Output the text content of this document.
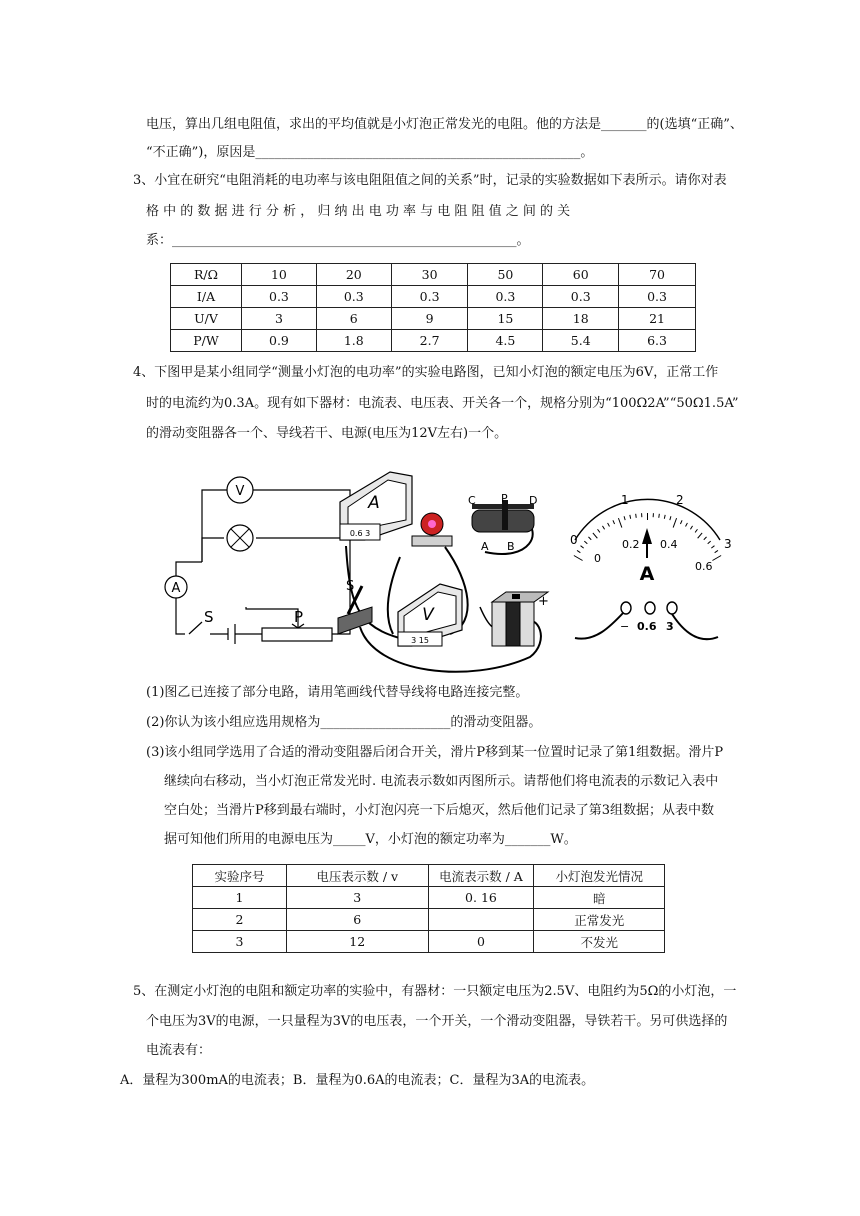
电压，算出几组电阻值，求出的平均值就是小灯泡正常发光的电阻。他的方法是_______的(选填“正确”、
“不正确”)，原因是__________________________________________________。
3、小宜在研究“电阻消耗的电功率与该电阻阻值之间的关系”时，记录的实验数据如下表所示。请你对表
格 中 的 数 据 进 行 分 析 ， 归 纳 出 电 功 率 与 电 阻 阻 值 之 间 的 关
系：_____________________________________________________。
R/Ω	10	20	30	50	60	70
I/A	0.3	0.3	0.3	0.3	0.3	0.3
U/V	3	6	9	15	18	21
P/W	0.9	1.8	2.7	4.5	5.4	6.3
4、下图甲是某小组同学“测量小灯泡的电功率”的实验电路图，已知小灯泡的额定电压为6V，正常工作
时的电流约为0.3A。现有如下器材：电流表、电压表、开关各一个，规格分别为“100Ω2A”“50Ω1.5A”
的滑动变阻器各一个、导线若干、电源(电压为12V左右)一个。
V
A
S	P
A
0.6 3
C P D
A B
S
V
3 15
+
0
1	2
3
0
0.2 0.4
0.6
A
− 0.6 3
(1)图乙已连接了部分电路，请用笔画线代替导线将电路连接完整。
(2)你认为该小组应选用规格为____________________的滑动变阻器。
(3)该小组同学选用了合适的滑动变阻器后闭合开关，滑片P移到某一位置时记录了第1组数据。滑片P
继续向右移动，当小灯泡正常发光时. 电流表示数如丙图所示。请帮他们将电流表的示数记入表中
空白处；当滑片P移到最右端时，小灯泡闪亮一下后熄灭，然后他们记录了第3组数据；从表中数
据可知他们所用的电源电压为_____V，小灯泡的额定功率为_______W。
实验序号	电压表示数 / v	电流表示数 / A	小灯泡发光情况
1	3	0. 16	暗
2	6		正常发光
3	12	0	不发光
5、在测定小灯泡的电阻和额定功率的实验中，有器材：一只额定电压为2.5V、电阻约为5Ω的小灯泡，一
个电压为3V的电源，一只量程为3V的电压表，一个开关，一个滑动变阻器，导铁若干。另可供选择的
电流表有：
A．量程为300mA的电流表；B．量程为0.6A的电流表；C．量程为3A的电流表。
